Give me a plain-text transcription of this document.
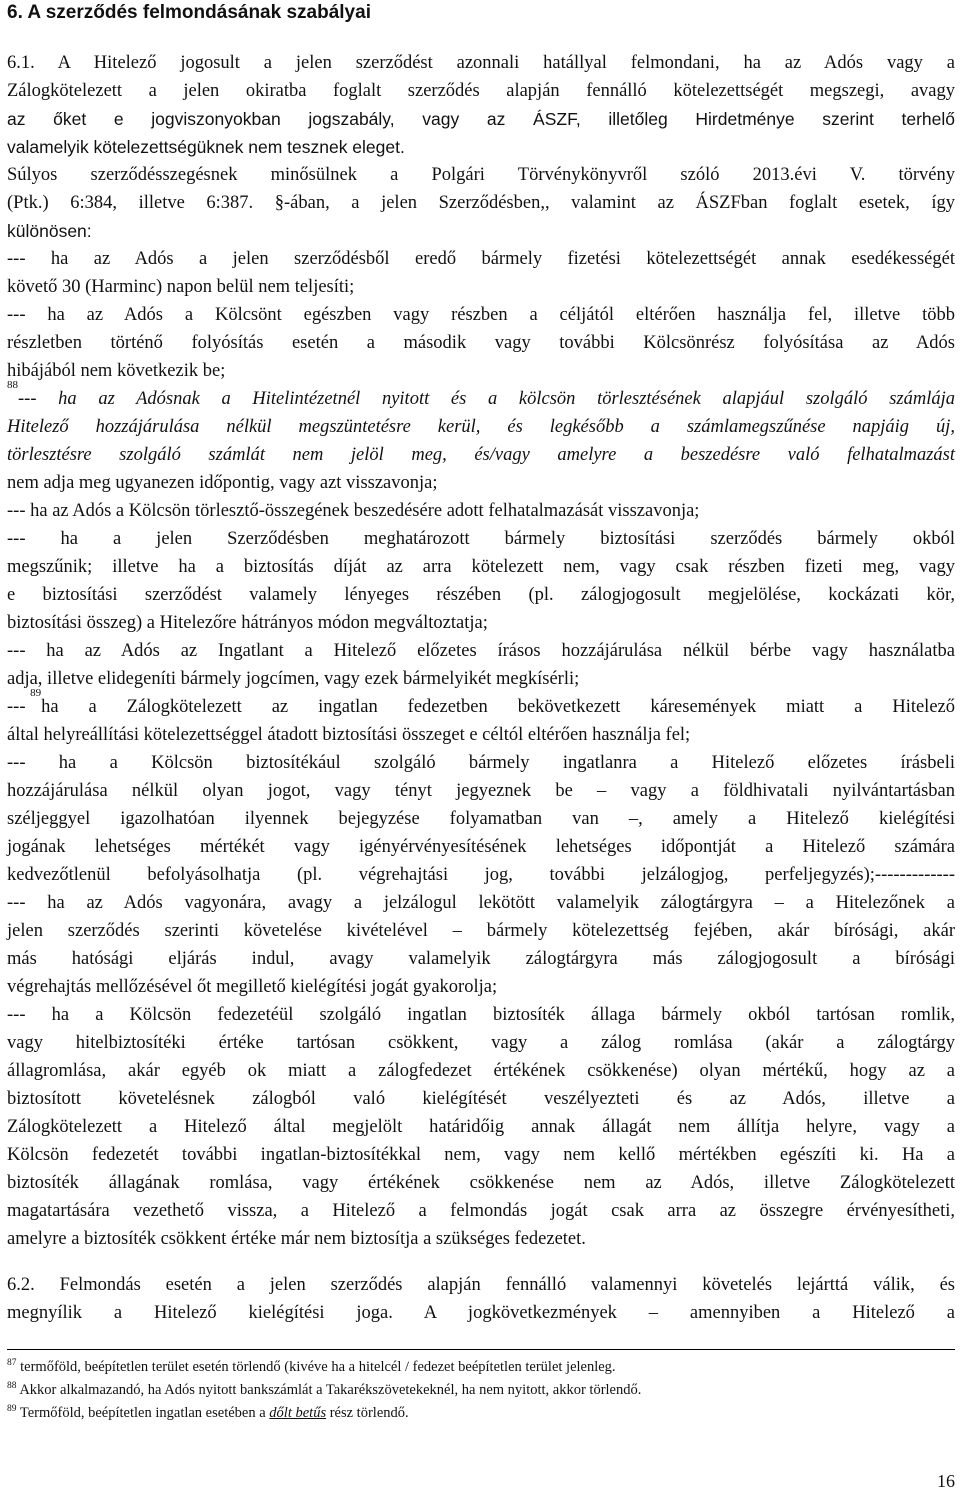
6. A szerződés felmondásának szabályai
6.1. A Hitelező jogosult a jelen szerződést azonnali hatállyal felmondani, ha az Adós vagy a
Zálogkötelezett a jelen okiratba foglalt szerződés alapján fennálló kötelezettségét megszegi, avagy
az őket e jogviszonyokban jogszabály, vagy az ÁSZF, illetőleg Hirdetménye szerint terhelő
valamelyik kötelezettségüknek nem tesznek eleget.
Súlyos szerződésszegésnek minősülnek a Polgári Törvénykönyvről szóló 2013.évi V. törvény
(Ptk.) 6:384, illetve 6:387. §-ában, a jelen Szerződésben,, valamint az ÁSZFban foglalt esetek, így
különösen:
--- ha az Adós a jelen szerződésből eredő bármely fizetési kötelezettségét annak esedékességét
követő 30 (Harminc) napon belül nem teljesíti;
--- ha az Adós a Kölcsönt egészben vagy részben a céljától eltérően használja fel, illetve több
részletben történő folyósítás esetén a második vagy további Kölcsönrész folyósítása az Adós
hibájából nem következik be;
88
--- ha az Adósnak a Hitelintézetnél nyitott és a kölcsön törlesztésének alapjául szolgáló számlája
Hitelező hozzájárulása nélkül megszüntetésre kerül, és legkésőbb a számlamegszűnése napjáig új,
törlesztésre szolgáló számlát nem jelöl meg, és/vagy amelyre a beszedésre való felhatalmazást
nem adja meg ugyanezen időpontig, vagy azt visszavonja;
--- ha az Adós a Kölcsön törlesztő-összegének beszedésére adott felhatalmazását visszavonja;
--- ha a jelen Szerződésben meghatározott bármely biztosítási szerződés bármely okból
megszűnik; illetve ha a biztosítás díját az arra kötelezett nem, vagy csak részben fizeti meg, vagy
e biztosítási szerződést valamely lényeges részében (pl. zálogjogosult megjelölése, kockázati kör,
biztosítási összeg) a Hitelezőre hátrányos módon megváltoztatja;
--- ha az Adós az Ingatlant a Hitelező előzetes írásos hozzájárulása nélkül bérbe vagy használatba
adja, illetve elidegeníti bármely jogcímen, vagy ezek bármelyikét megkísérli;
---
89
ha a Zálogkötelezett az ingatlan fedezetben bekövetkezett káresemények miatt a Hitelező
által helyreállítási kötelezettséggel átadott biztosítási összeget e céltól eltérően használja fel;
--- ha a Kölcsön biztosítékául szolgáló bármely ingatlanra a Hitelező előzetes írásbeli
hozzájárulása nélkül olyan jogot, vagy tényt jegyeznek be – vagy a földhivatali nyilvántartásban
széljeggyel igazolhatóan ilyennek bejegyzése folyamatban van –, amely a Hitelező kielégítési
jogának lehetséges mértékét vagy igényérvényesítésének lehetséges időpontját a Hitelező számára
kedvezőtlenül befolyásolhatja (pl. végrehajtási jog, további jelzálogjog, perfeljegyzés);-------------
--- ha az Adós vagyonára, avagy a jelzálogul lekötött valamelyik zálogtárgyra – a Hitelezőnek a
jelen szerződés szerinti követelése kivételével – bármely kötelezettség fejében, akár bírósági, akár
más hatósági eljárás indul, avagy valamelyik zálogtárgyra más zálogjogosult a bírósági
végrehajtás mellőzésével őt megillető kielégítési jogát gyakorolja;
--- ha a Kölcsön fedezetéül szolgáló ingatlan biztosíték állaga bármely okból tartósan romlik,
vagy hitelbiztosítéki értéke tartósan csökkent, vagy a zálog romlása (akár a zálogtárgy
állagromlása, akár egyéb ok miatt a zálogfedezet értékének csökkenése) olyan mértékű, hogy az a
biztosított követelésnek zálogból való kielégítését veszélyezteti és az Adós, illetve a
Zálogkötelezett a Hitelező által megjelölt határidőig annak állagát nem állítja helyre, vagy a
Kölcsön fedezetét további ingatlan-biztosítékkal nem, vagy nem kellő mértékben egészíti ki. Ha a
biztosíték állagának romlása, vagy értékének csökkenése nem az Adós, illetve Zálogkötelezett
magatartására vezethető vissza, a Hitelező a felmondás jogát csak arra az összegre érvényesítheti,
amelyre a biztosíték csökkent értéke már nem biztosítja a szükséges fedezetet.
6.2. Felmondás esetén a jelen szerződés alapján fennálló valamennyi követelés lejárttá válik, és
megnyílik a Hitelező kielégítési joga. A jogkövetkezmények – amennyiben a Hitelező a
$^{87}$ termőföld, beépítetlen terület esetén törlendő (kivéve ha a hitelcél / fedezet beépítetlen terület jelenleg.
$^{88}$ Akkor alkalmazandó, ha Adós nyitott bankszámlát a Takarékszövetekeknél, ha nem nyitott, akkor törlendő.
$^{89}$ Termőföld, beépítetlen ingatlan esetében a dőlt betűs rész törlendő.
16
